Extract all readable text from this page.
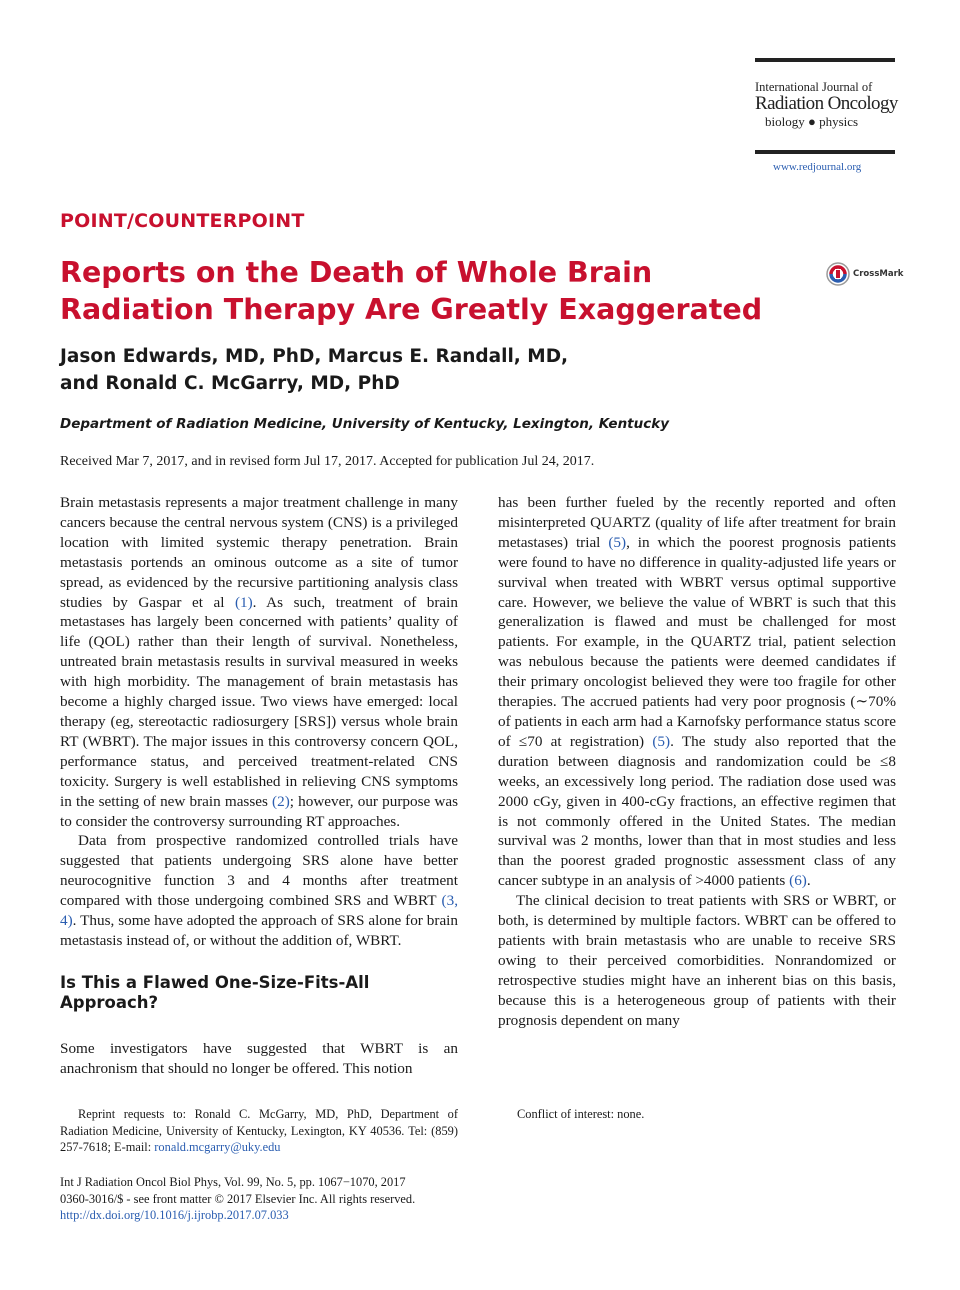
International Journal of
Radiation Oncology
biology ● physics
www.redjournal.org
POINT/COUNTERPOINT
Reports on the Death of Whole Brain Radiation Therapy Are Greatly Exaggerated
CrossMark
Jason Edwards, MD, PhD, Marcus E. Randall, MD,
and Ronald C. McGarry, MD, PhD
Department of Radiation Medicine, University of Kentucky, Lexington, Kentucky
Received Mar 7, 2017, and in revised form Jul 17, 2017. Accepted for publication Jul 24, 2017.

Brain metastasis represents a major treatment challenge in many cancers because the central nervous system (CNS) is a privileged location with limited systemic therapy penetration. Brain metastasis portends an ominous outcome as a site of tumor spread, as evidenced by the recursive partitioning analysis class studies by Gaspar et al (1). As such, treatment of brain metastases has largely been concerned with patients’ quality of life (QOL) rather than their length of survival. Nonetheless, untreated brain metastasis results in survival measured in weeks with high morbidity. The management of brain metastasis has become a highly charged issue. Two views have emerged: local therapy (eg, stereotactic radiosurgery [SRS]) versus whole brain RT (WBRT). The major issues in this controversy concern QOL, performance status, and perceived treatment-related CNS toxicity. Surgery is well established in relieving CNS symptoms in the setting of new brain masses (2); however, our purpose was to consider the controversy surrounding RT approaches.

Data from prospective randomized controlled trials have suggested that patients undergoing SRS alone have better neurocognitive function 3 and 4 months after treatment compared with those undergoing combined SRS and WBRT (3, 4). Thus, some have adopted the approach of SRS alone for brain metastasis instead of, or without the addition of, WBRT.

Is This a Flawed One-Size-Fits-All Approach?

Some investigators have suggested that WBRT is an anachronism that should no longer be offered. This notion

has been further fueled by the recently reported and often misinterpreted QUARTZ (quality of life after treatment for brain metastases) trial (5), in which the poorest prognosis patients were found to have no difference in quality-adjusted life years or survival when treated with WBRT versus optimal supportive care. However, we believe the value of WBRT is such that this generalization is flawed and must be challenged for most patients. For example, in the QUARTZ trial, patient selection was nebulous because the patients were deemed candidates if their primary oncologist believed they were too fragile for other therapies. The accrued patients had very poor prognosis (∼70% of patients in each arm had a Karnofsky performance status score of ≤70 at registration) (5). The study also reported that the duration between diagnosis and randomization could be ≤8 weeks, an excessively long period. The radiation dose used was 2000 cGy, given in 400-cGy fractions, an effective regimen that is not commonly offered in the United States. The median survival was 2 months, lower than that in most studies and less than the poorest graded prognostic assessment class of any cancer subtype in an analysis of >4000 patients (6).

The clinical decision to treat patients with SRS or WBRT, or both, is determined by multiple factors. WBRT can be offered to patients with brain metastasis who are unable to receive SRS owing to their perceived comorbidities. Nonrandomized or retrospective studies might have an inherent bias on this basis, because this is a heterogeneous group of patients with their prognosis dependent on many

Reprint requests to: Ronald C. McGarry, MD, PhD, Department of Radiation Medicine, University of Kentucky, Lexington, KY 40536. Tel: (859) 257-7618; E-mail: ronald.mcgarry@uky.edu
Conflict of interest: none.
Int J Radiation Oncol Biol Phys, Vol. 99, No. 5, pp. 1067−1070, 2017
0360-3016/$ - see front matter © 2017 Elsevier Inc. All rights reserved.
http://dx.doi.org/10.1016/j.ijrobp.2017.07.033
